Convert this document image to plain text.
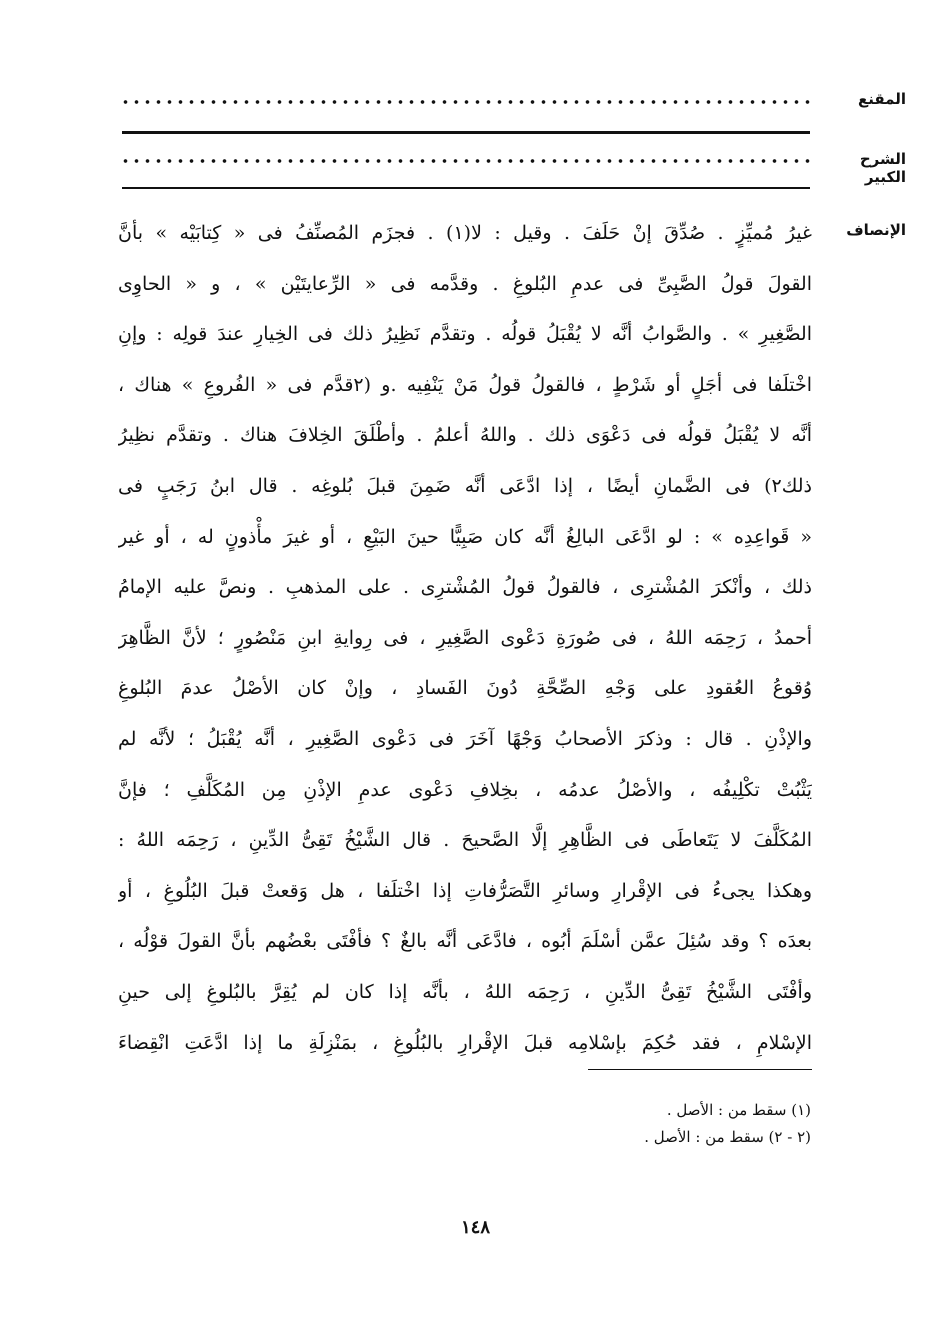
المقنع
الشرح الكبير
الإنصاف
غيرُ مُميِّزٍ . صُدِّقَ إنْ حَلَفَ . وقيل : لا(١) . فجزَم المُصنِّفُ فى « كِتابَيْه » بأنَّ
القولَ قولُ الصَّبِىِّ فى عدمِ البُلوغِ . وقدَّمه فى « الرِّعايتَيْن » ، و « الحاوِى
الصَّغِيرِ » . والصَّوابُ أنَّه لا يُقْبَلُ قولُه . وتقدَّم نَظِيرُ ذلك فى الخِيارِ عندَ قولِه : وإنِ
اخْتلَفا فى أجَلٍ أو شَرْطٍ ، فالقولُ قولُ مَنْ يَنْفِيه .و (٢قدَّم فى « الفُروعِ » هناك ،
أنَّه لا يُقْبَلُ قولُه فى دَعْوَى ذلك . واللهُ أعلمُ . وأطْلَقَ الخِلافَ هناك . وتقدَّم نظِيرُ
ذلك٢) فى الضَّمانِ أيضًا ، إذا ادَّعَى أنَّه ضَمِنَ قبلَ بُلوغِه . قال ابنُ رَجَبٍ فى
« قَواعِدِه » : لو ادَّعَى البالِغُ أنَّه كان صَبِيًّا حينَ البَيْعِ ، أو غيرَ مأْذونٍ له ، أو غير
ذلك ، وأنْكرَ المُشْترِى ، فالقولُ قولُ المُشْترِى . على المذهبِ . ونصَّ عليه الإمامُ
أحمدُ ، رَحِمَه اللهُ ، فى صُورَةِ دَعْوى الصَّغِيرِ ، فى رِوايةِ ابنِ مَنْصُورٍ ؛ لأنَّ الظَّاهِرَ
وُقوعُ العُقودِ على وَجْهِ الصِّحَّةِ دُونَ الفَسادِ ، وإنْ كان الأصْلُ عدمَ البُلوغِ
والإذْنِ . قال : وذكرَ الأصحابُ وَجْهًا آخَرَ فى دَعْوى الصَّغِيرِ ، أنَّه يُقْبَلُ ؛ لأنَّه لم
يَثْبُتْ تكْلِيفُه ، والأصْلُ عدمُه ، بخِلافِ دَعْوى عدمِ الإذْنِ مِن المُكَلَّفِ ؛ فإنَّ
المُكَلَّفَ لا يَتَعاطَى فى الظَّاهِرِ إلَّا الصَّحيحَ . قال الشَّيْخُ تَقِىُّ الدِّينِ ، رَحِمَه اللهُ :
وهكذا يجىءُ فى الإقْرارِ وسائرِ التَّصَرُّفاتِ إذا اخْتلَفا ، هل وَقعتْ قبلَ البُلُوغِ ، أو
بعدَه ؟ وقد سُئِلَ عمَّن أسْلَمَ أبُوه ، فادَّعَى أنَّه بالغٌ ؟ فأفْتَى بعْضُهم بأنَّ القولَ قوْلُه ،
وأفْتَى الشَّيْخُ تَقِىُّ الدِّينِ ، رَحِمَه اللهُ ، بأنَّه إذا كان لم يُقِرَّ بالبُلوغِ إلى حينِ
الإسْلامِ ، فقد حُكِمَ بإسْلامِه قبلَ الإقْرارِ بالبُلُوغِ ، بمَنْزِلَةِ ما إذا ادَّعَتِ انْقِضاءَ
(١) سقط من : الأصل .
(٢ - ٢) سقط من : الأصل .
١٤٨
